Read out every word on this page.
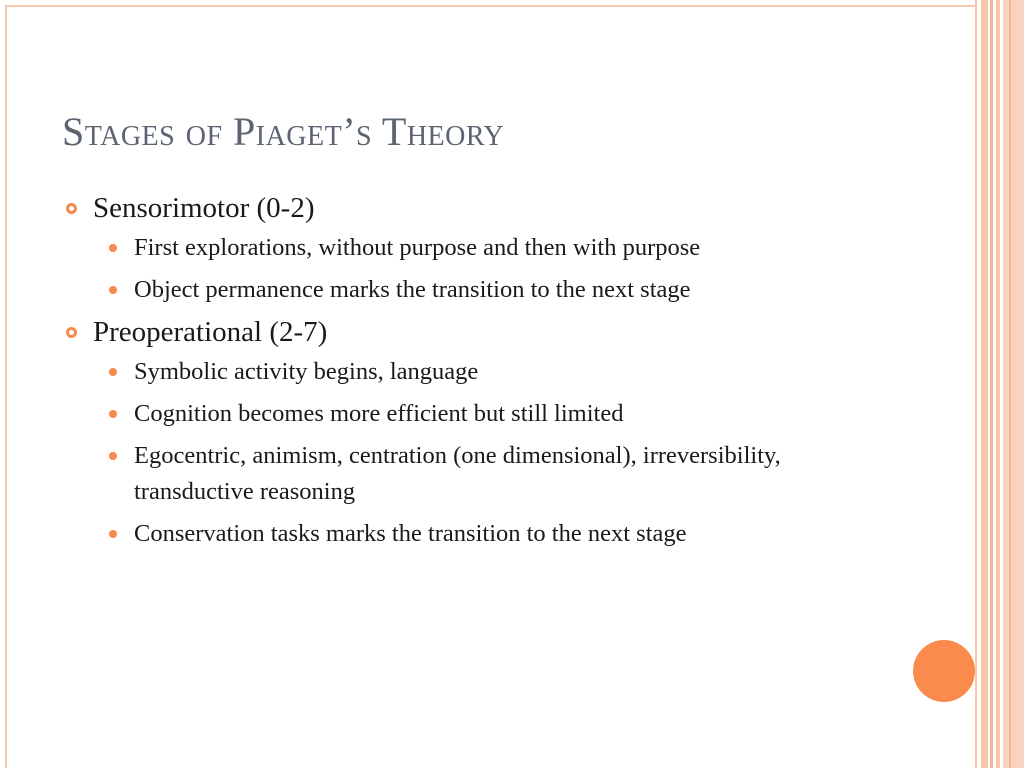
Stages of Piaget’s Theory
Sensorimotor (0-2)
First explorations, without purpose and then with purpose
Object permanence marks the transition to the next stage
Preoperational (2-7)
Symbolic activity begins, language
Cognition becomes more efficient but still limited
Egocentric, animism, centration (one dimensional), irreversibility, transductive reasoning
Conservation tasks marks the transition to the next stage
